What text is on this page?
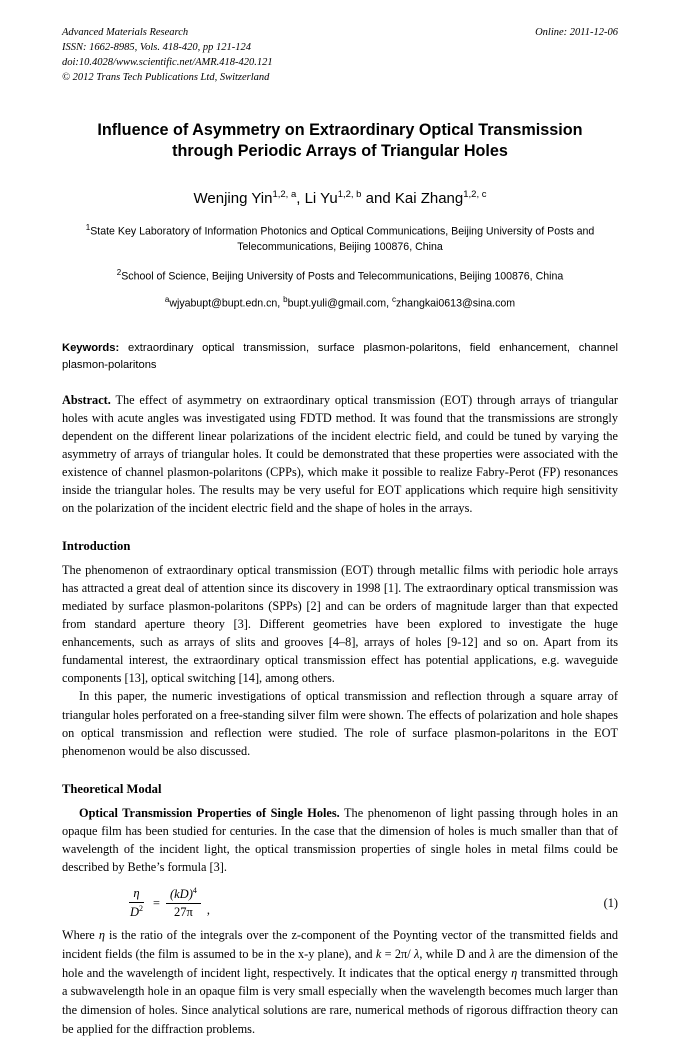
Advanced Materials Research
ISSN: 1662-8985, Vols. 418-420, pp 121-124
doi:10.4028/www.scientific.net/AMR.418-420.121
© 2012 Trans Tech Publications Ltd, Switzerland
Online: 2011-12-06
Influence of Asymmetry on Extraordinary Optical Transmission through Periodic Arrays of Triangular Holes
Wenjing Yin$^{1,2, a}$, Li Yu$^{1,2, b}$ and Kai Zhang$^{1,2, c}$
$^1$State Key Laboratory of Information Photonics and Optical Communications, Beijing University of Posts and Telecommunications, Beijing 100876, China
$^2$School of Science, Beijing University of Posts and Telecommunications, Beijing 100876, China
$^a$wjyabupt@bupt.edn.cn, $^b$bupt.yuli@gmail.com, $^c$zhangkai0613@sina.com
Keywords: extraordinary optical transmission, surface plasmon-polaritons, field enhancement, channel plasmon-polaritons
Abstract. The effect of asymmetry on extraordinary optical transmission (EOT) through arrays of triangular holes with acute angles was investigated using FDTD method. It was found that the transmissions are strongly dependent on the different linear polarizations of the incident electric field, and could be tuned by varying the asymmetry of arrays of triangular holes. It could be demonstrated that these properties were associated with the existence of channel plasmon-polaritons (CPPs), which make it possible to realize Fabry-Perot (FP) resonances inside the triangular holes. The results may be very useful for EOT applications which require high sensitivity on the polarization of the incident electric field and the shape of holes in the arrays.
Introduction
The phenomenon of extraordinary optical transmission (EOT) through metallic films with periodic hole arrays has attracted a great deal of attention since its discovery in 1998 [1]. The extraordinary optical transmission was mediated by surface plasmon-polaritons (SPPs) [2] and can be orders of magnitude larger than that expected from standard aperture theory [3]. Different geometries have been explored to investigate the huge enhancements, such as arrays of slits and grooves [4–8], arrays of holes [9-12] and so on. Apart from its fundamental interest, the extraordinary optical transmission effect has potential applications, e.g. waveguide components [13], optical switching [14], among others.
In this paper, the numeric investigations of optical transmission and reflection through a square array of triangular holes perforated on a free-standing silver film were shown. The effects of polarization and hole shapes on optical transmission and reflection were studied. The role of surface plasmon-polaritons in the EOT phenomenon would be also discussed.
Theoretical Modal
Optical Transmission Properties of Single Holes. The phenomenon of light passing through holes in an opaque film has been studied for centuries. In the case that the dimension of holes is much smaller than that of wavelength of the incident light, the optical transmission properties of single holes in metal films could be described by Bethe’s formula [3].
$\frac{\eta}{D^2} = \frac{(kD)^4}{27\pi}$ ,
(1)
Where η is the ratio of the integrals over the z-component of the Poynting vector of the transmitted fields and incident fields (the film is assumed to be in the x-y plane), and k = 2π/ λ, while D and λ are the dimension of the hole and the wavelength of incident light, respectively. It indicates that the optical energy η transmitted through a subwavelength hole in an opaque film is very small especially when the wavelength becomes much larger than the dimension of holes. Since analytical solutions are rare, numerical methods of rigorous diffraction theory can be applied for the diffraction problems.
